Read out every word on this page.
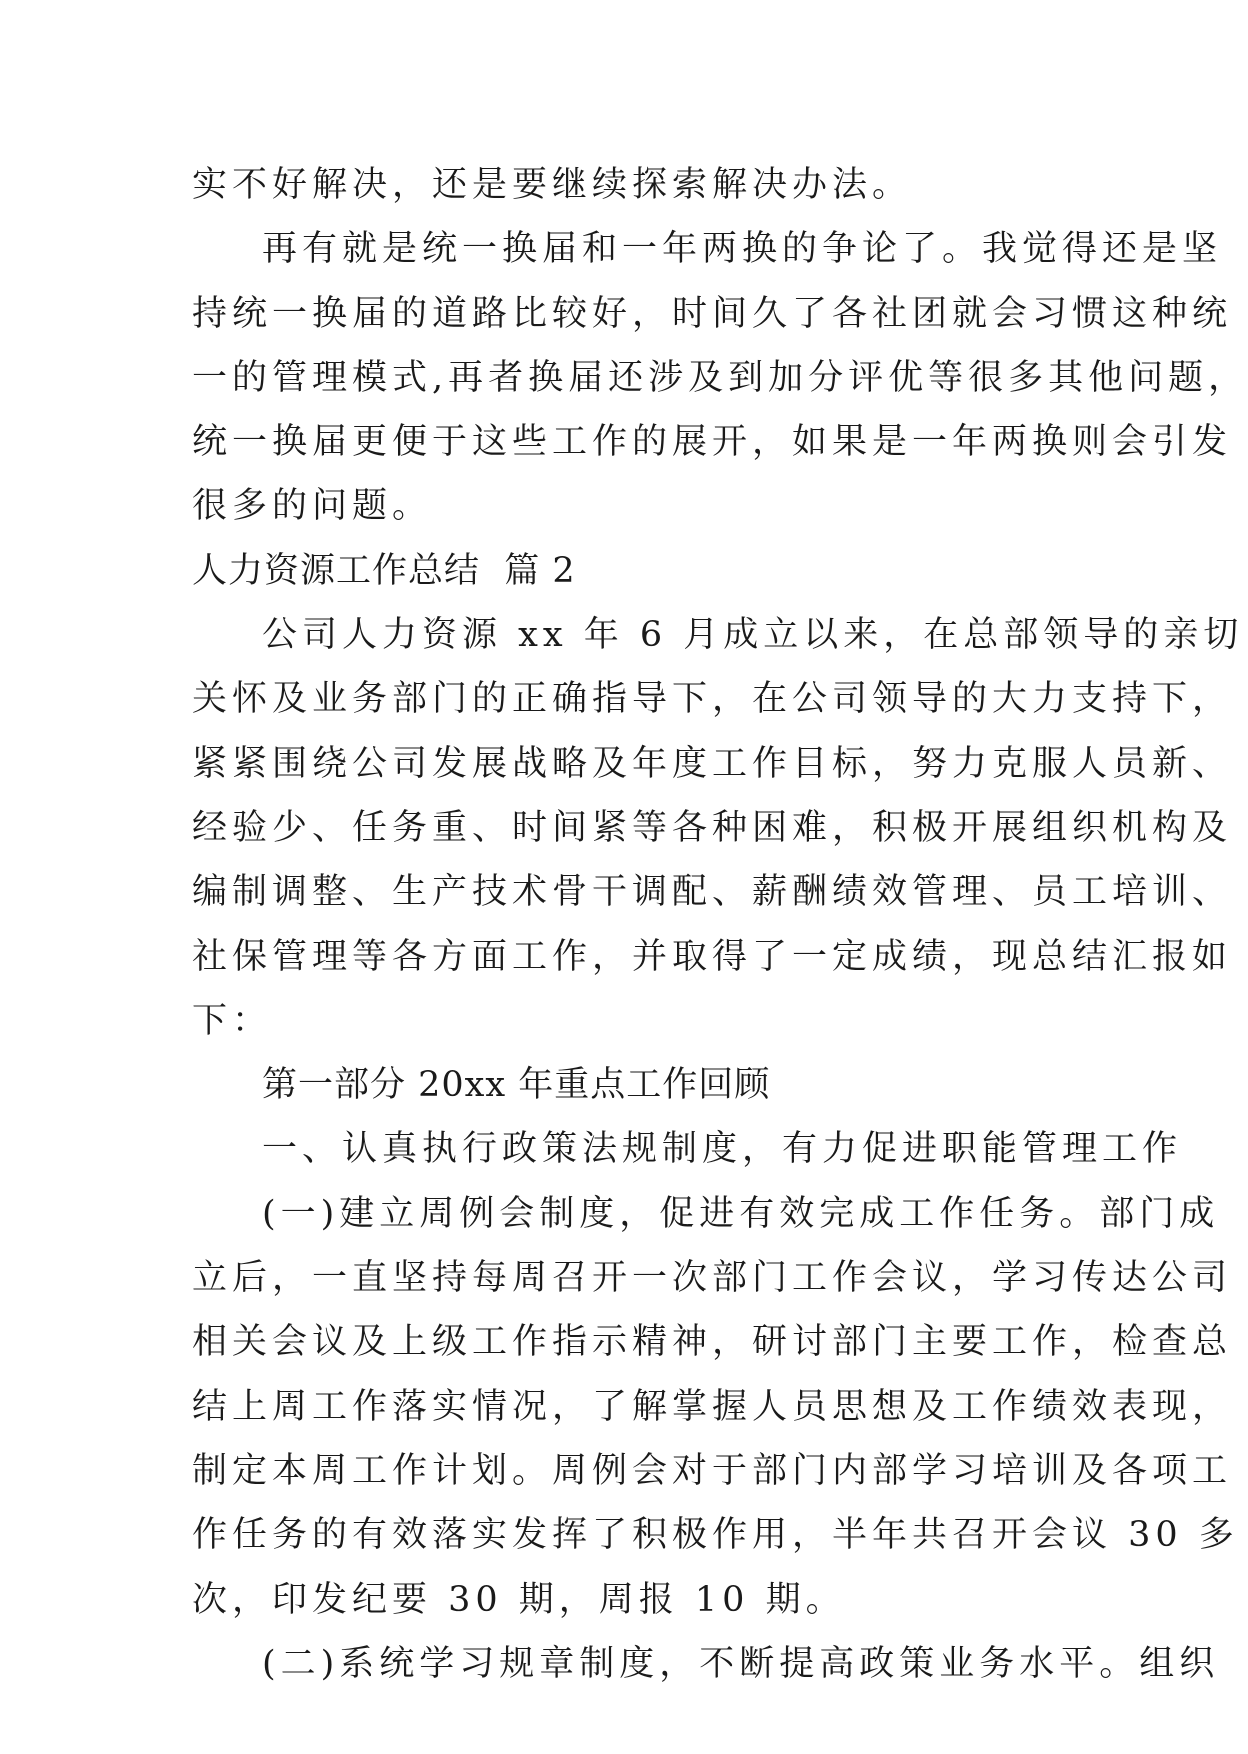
实不好解决，还是要继续探索解决办法。
再有就是统一换届和一年两换的争论了。我觉得还是坚
持统一换届的道路比较好，时间久了各社团就会习惯这种统
一的管理模式,再者换届还涉及到加分评优等很多其他问题，
统一换届更便于这些工作的展开，如果是一年两换则会引发
很多的问题。
人力资源工作总结  篇 2
公司人力资源 xx 年 6 月成立以来，在总部领导的亲切
关怀及业务部门的正确指导下，在公司领导的大力支持下，
紧紧围绕公司发展战略及年度工作目标，努力克服人员新、
经验少、任务重、时间紧等各种困难，积极开展组织机构及
编制调整、生产技术骨干调配、薪酬绩效管理、员工培训、
社保管理等各方面工作，并取得了一定成绩，现总结汇报如
下：
第一部分 20xx 年重点工作回顾
一、认真执行政策法规制度，有力促进职能管理工作
(一)建立周例会制度，促进有效完成工作任务。部门成
立后，一直坚持每周召开一次部门工作会议，学习传达公司
相关会议及上级工作指示精神，研讨部门主要工作，检查总
结上周工作落实情况，了解掌握人员思想及工作绩效表现，
制定本周工作计划。周例会对于部门内部学习培训及各项工
作任务的有效落实发挥了积极作用，半年共召开会议 30 多
次，印发纪要 30 期，周报 10 期。
(二)系统学习规章制度，不断提高政策业务水平。组织
